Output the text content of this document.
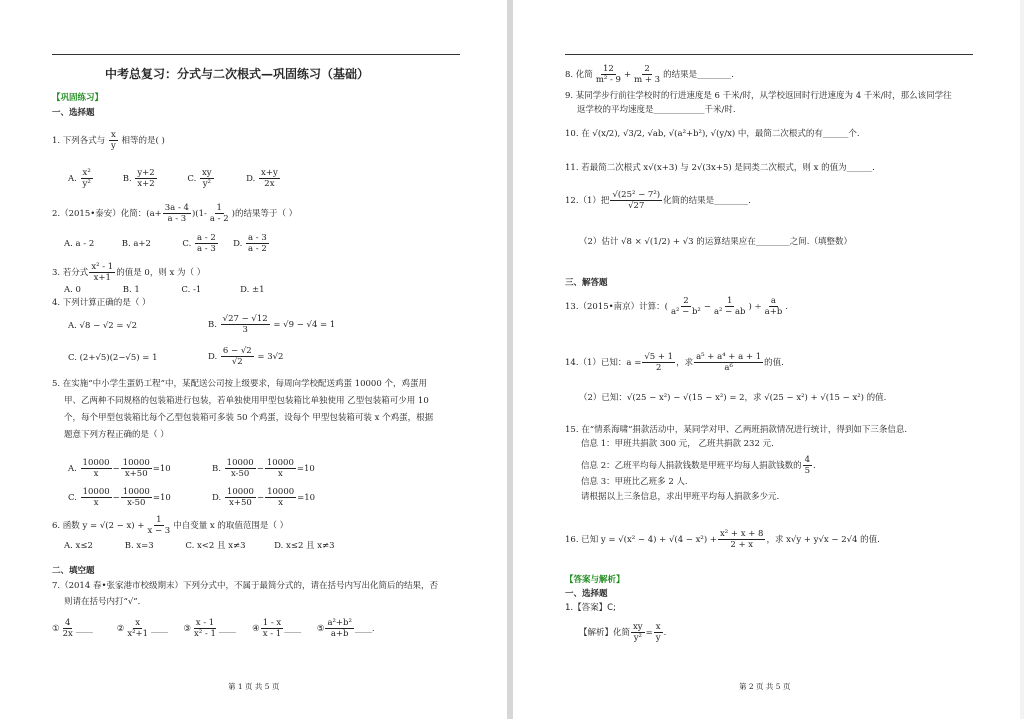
中考总复习：分式与二次根式—巩固练习（基础）
【巩固练习】
一、选择题
1. 下列各式与 $\frac{x}{y}$ 相等的是( )
A. $\frac{\text{x²}}{\text{y²}}$	B. $\frac{y+2}{x+2}$	C. $\frac{xy}{\text{y²}}$	D. $\frac{x+y}{2x}$
2.（2015•泰安）化简：$(a+ \frac{3a - 4}{a - 3} )(1- \frac{1}{a - 2}$ )的结果等于（ ）
A. a - 2	B. a+2	C. $\frac{a - 2}{a - 3} D$. $\frac{a - 3}{a - 2}$
3. 若分式 $\frac{\text{x² - 1}}{x+1}$ 的值是 0，则 x 为（ ）
A. 0	B. 1	C. -1	D. ±1
4. 下列计算正确的是（ ）
A. √8 − √2 = √2	B. $\frac{√27 - √12}{3} = √9 - √4 = 1$
C. (2+√5)(2−√5) = 1	D. $\frac{6 - √2}{√2} = 3√2$
5. 在实施“中小学生蛋奶工程”中，某配送公司按上级要求，每周向学校配送鸡蛋 10000 个，鸡蛋用
甲、乙两种不同规格的包装箱进行包装，若单独使用甲型包装箱比单独使用 乙型包装箱可少用 10
个，每个甲型包装箱比每个乙型包装箱可多装 50 个鸡蛋，设每个 甲型包装箱可装 x 个鸡蛋，根据
题意下列方程正确的是（ ）
A. $\frac{10000}{x} - \frac{10000}{x+50} =10$	B. $\frac{10000}{x-50} - \frac{10000}{x} =10$
C. $\frac{10000}{x} - \frac{10000}{x-50} =10$	D. $\frac{10000}{x+50} - \frac{10000}{x} =10$
6. 函数 $y = √(2 - x) + \frac{1}{x - 3}$ 中自变量 x 的取值范围是（ ）
A. x≤2	B. x=3	C. x<2 且 x≠3	D. x≤2 且 x≠3
二、填空题
7.（2014 春•张家港市校级期末）下列分式中，不属于最简分式的，请在括号内写出化简后的结果，否
则请在括号内打“√”．
① $\frac{4}{2x}$ ____	② $\frac{x}{\text{x²+1}}$ ____ ③ $\frac{x - 1}{\text{x² - 1}}$ ____ ④ $\frac{1 - x}{x - 1}$ ____ ⑤ $\frac{\text{a²+b²}}{a+b}$ ____.
第 1 页 共 5 页
8. 化简 $\frac{12}{\text{m² - 9}} + \frac{2}{m + 3}$ 的结果是________.
9. 某同学步行前往学校时的行进速度是 6 千米/时，从学校返回时行进速度为 4 千米/时，那么该同学往
返学校的平均速度是____________千米/时.
10. 在 √(x/2), √3/2, √ab, √(a²+b²), √(y/x) 中，最简二次根式的有______个.
11. 若最简二次根式 x√(x+3) 与 2√(3x+5) 是同类二次根式，则 x 的值为______.
12.（1）把 $\frac{\text{√(25² − 7²)}}{√27}$ 化简的结果是________.
（2）估计 √8 × √(1/2) + √3 的运算结果应在________之间.（填整数）
三、解答题
13.（2015•南京）计算：( $\frac{2}{\text{a² − b²}} - \frac{1}{\text{a² − ab}}$ ) ÷ $\frac{a}{a+b}$ .
14.（1）已知：$a = \frac{√5 + 1}{2}$ ，求 $\frac{\text{a⁵ + a⁴ + a + 1}}{\text{a⁶}}$ 的值.
（2）已知：√(25 − x²) − √(15 − x²) = 2，求 √(25 − x²) + √(15 − x²) 的值.
15. 在“情系海啸”捐款活动中，某同学对甲、乙两班捐款情况进行统计，得到如下三条信息.
信息 1：甲班共捐款 300 元， 乙班共捐款 232 元.
信息 2：乙班平均每人捐款钱数是甲班平均每人捐款钱数的 $\frac{4}{5}$ .
信息 3：甲班比乙班多 2 人.
请根据以上三条信息，求出甲班平均每人捐款多少元.
16. 已知 $y = √(x^2 - 4) + √(4 - x^2) + \frac{\text{x² + x + 8}}{2 + x}$ ，求 x√y + y√x − 2√4 的值.
【答案与解析】
一、选择题
1.【答案】C;
【解析】化简 $\frac{xy}{\text{y²}} = \frac{x}{y}$ .
第 2 页 共 5 页
